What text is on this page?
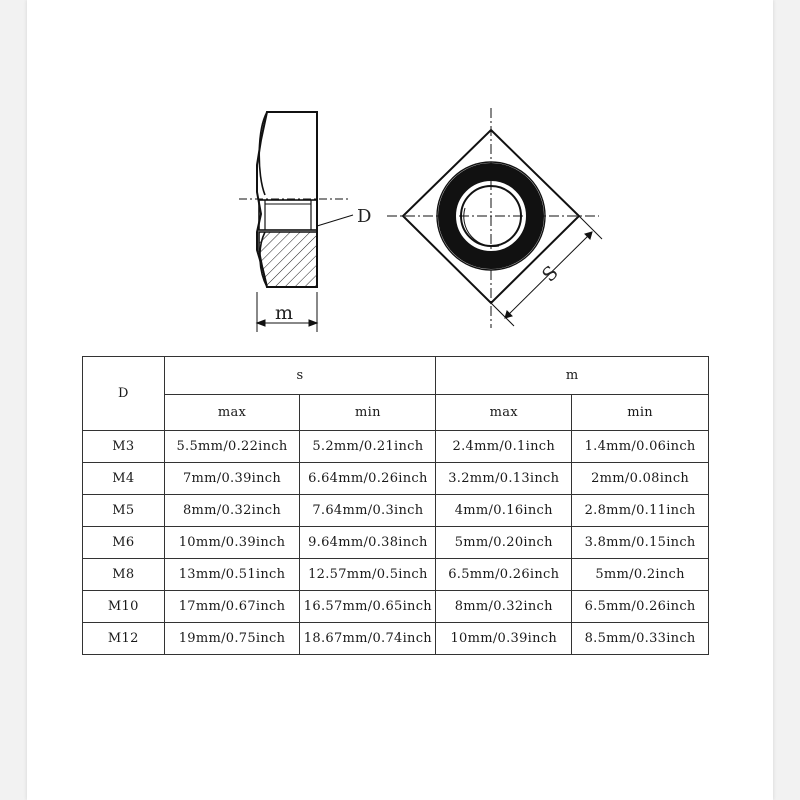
D
m
S
D	s		m	
	max	min	max	min
M3	5.5mm/0.22inch	5.2mm/0.21inch	2.4mm/0.1inch	1.4mm/0.06inch
M4	7mm/0.39inch	6.64mm/0.26inch	3.2mm/0.13inch	2mm/0.08inch
M5	8mm/0.32inch	7.64mm/0.3inch	4mm/0.16inch	2.8mm/0.11inch
M6	10mm/0.39inch	9.64mm/0.38inch	5mm/0.20inch	3.8mm/0.15inch
M8	13mm/0.51inch	12.57mm/0.5inch	6.5mm/0.26inch	5mm/0.2inch
M10	17mm/0.67inch	16.57mm/0.65inch	8mm/0.32inch	6.5mm/0.26inch
M12	19mm/0.75inch	18.67mm/0.74inch	10mm/0.39inch	8.5mm/0.33inch
